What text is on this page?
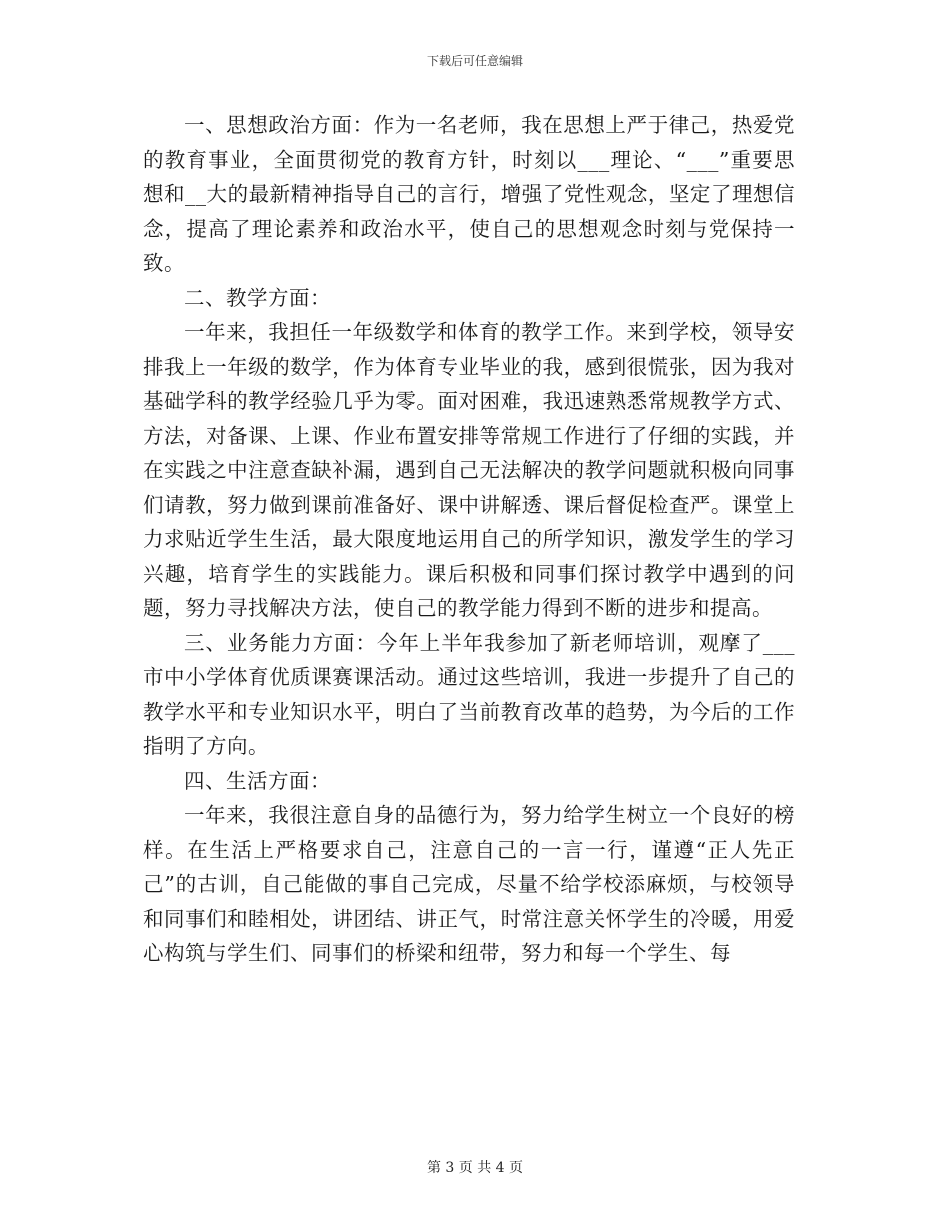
下载后可任意编辑

一、思想政治方面：作为一名老师，我在思想上严于律己，热爱党的教育事业，全面贯彻党的教育方针，时刻以___理论、“___”重要思想和__大的最新精神指导自己的言行，增强了党性观念，坚定了理想信念，提高了理论素养和政治水平，使自己的思想观念时刻与党保持一致。

二、教学方面：

一年来，我担任一年级数学和体育的教学工作。来到学校，领导安排我上一年级的数学，作为体育专业毕业的我，感到很慌张，因为我对基础学科的教学经验几乎为零。面对困难，我迅速熟悉常规教学方式、方法，对备课、上课、作业布置安排等常规工作进行了仔细的实践，并在实践之中注意查缺补漏，遇到自己无法解决的教学问题就积极向同事们请教，努力做到课前准备好、课中讲解透、课后督促检查严。课堂上力求贴近学生生活，最大限度地运用自己的所学知识，激发学生的学习兴趣，培育学生的实践能力。课后积极和同事们探讨教学中遇到的问题，努力寻找解决方法，使自己的教学能力得到不断的进步和提高。

三、业务能力方面：今年上半年我参加了新老师培训，观摩了___市中小学体育优质课赛课活动。通过这些培训，我进一步提升了自己的教学水平和专业知识水平，明白了当前教育改革的趋势，为今后的工作指明了方向。

四、生活方面：

一年来，我很注意自身的品德行为，努力给学生树立一个良好的榜样。在生活上严格要求自己，注意自己的一言一行，谨遵“正人先正己”的古训，自己能做的事自己完成，尽量不给学校添麻烦，与校领导和同事们和睦相处，讲团结、讲正气，时常注意关怀学生的冷暖，用爱心构筑与学生们、同事们的桥梁和纽带，努力和每一个学生、每

第 3 页 共 4 页
